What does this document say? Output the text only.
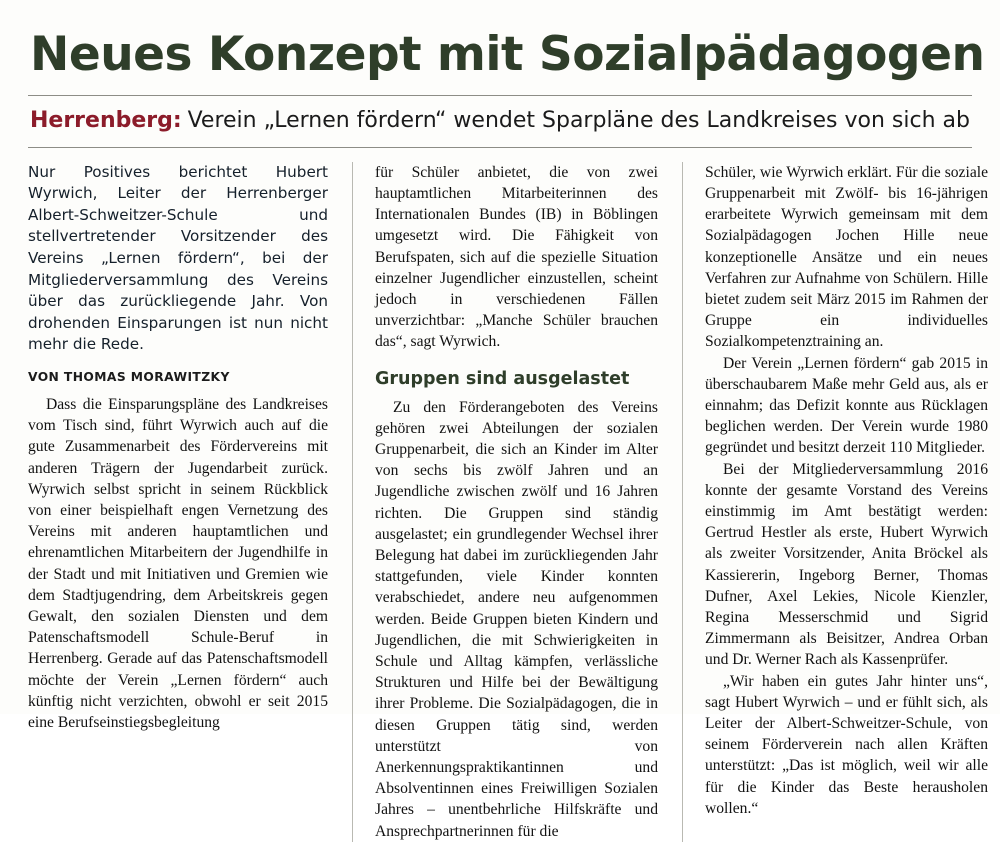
Neues Konzept mit Sozialpädagogen
Herrenberg: Verein „Lernen fördern“ wendet Sparpläne des Landkreises von sich ab

Nur Positives berichtet Hubert Wyrwich, Leiter der Herrenberger Albert-Schweitzer-Schule und stellvertretender Vorsitzender des Vereins „Lernen fördern“, bei der Mitgliederversammlung des Vereins über das zurückliegende Jahr. Von drohenden Einsparungen ist nun nicht mehr die Rede.

VON THOMAS MORAWITZKY

Dass die Einsparungspläne des Landkreises vom Tisch sind, führt Wyrwich auch auf die gute Zusammenarbeit des Fördervereins mit anderen Trägern der Jugendarbeit zurück. Wyrwich selbst spricht in seinem Rückblick von einer beispielhaft engen Vernetzung des Vereins mit anderen hauptamtlichen und ehrenamtlichen Mitarbeitern der Jugendhilfe in der Stadt und mit Initiativen und Gremien wie dem Stadtjugendring, dem Arbeitskreis gegen Gewalt, den sozialen Diensten und dem Patenschaftsmodell Schule-Beruf in Herrenberg. Gerade auf das Patenschaftsmodell möchte der Verein „Lernen fördern“ auch künftig nicht verzichten, obwohl er seit 2015 eine Berufseinstiegsbegleitung

für Schüler anbietet, die von zwei hauptamtlichen Mitarbeiterinnen des Internationalen Bundes (IB) in Böblingen umgesetzt wird. Die Fähigkeit von Berufspaten, sich auf die spezielle Situation einzelner Jugendlicher einzustellen, scheint jedoch in verschiedenen Fällen unverzichtbar: „Manche Schüler brauchen das“, sagt Wyrwich.

Gruppen sind ausgelastet

Zu den Förderangeboten des Vereins gehören zwei Abteilungen der sozialen Gruppenarbeit, die sich an Kinder im Alter von sechs bis zwölf Jahren und an Jugendliche zwischen zwölf und 16 Jahren richten. Die Gruppen sind ständig ausgelastet; ein grundlegender Wechsel ihrer Belegung hat dabei im zurückliegenden Jahr stattgefunden, viele Kinder konnten verabschiedet, andere neu aufgenommen werden. Beide Gruppen bieten Kindern und Jugendlichen, die mit Schwierigkeiten in Schule und Alltag kämpfen, verlässliche Strukturen und Hilfe bei der Bewältigung ihrer Probleme. Die Sozialpädagogen, die in diesen Gruppen tätig sind, werden unterstützt von Anerkennungspraktikantinnen und Absolventinnen eines Freiwilligen Sozialen Jahres – unentbehrliche Hilfskräfte und Ansprechpartnerinnen für die

Schüler, wie Wyrwich erklärt. Für die soziale Gruppenarbeit mit Zwölf- bis 16-jährigen erarbeitete Wyrwich gemeinsam mit dem Sozialpädagogen Jochen Hille neue konzeptionelle Ansätze und ein neues Verfahren zur Aufnahme von Schülern. Hille bietet zudem seit März 2015 im Rahmen der Gruppe ein individuelles Sozialkompetenztraining an.

Der Verein „Lernen fördern“ gab 2015 in überschaubarem Maße mehr Geld aus, als er einnahm; das Defizit konnte aus Rücklagen beglichen werden. Der Verein wurde 1980 gegründet und besitzt derzeit 110 Mitglieder.

Bei der Mitgliederversammlung 2016 konnte der gesamte Vorstand des Vereins einstimmig im Amt bestätigt werden: Gertrud Hestler als erste, Hubert Wyrwich als zweiter Vorsitzender, Anita Bröckel als Kassiererin, Ingeborg Berner, Thomas Dufner, Axel Lekies, Nicole Kienzler, Regina Messerschmid und Sigrid Zimmermann als Beisitzer, Andrea Orban und Dr. Werner Rach als Kassenprüfer.

„Wir haben ein gutes Jahr hinter uns“, sagt Hubert Wyrwich – und er fühlt sich, als Leiter der Albert-Schweitzer-Schule, von seinem Förderverein nach allen Kräften unterstützt: „Das ist möglich, weil wir alle für die Kinder das Beste herausholen wollen.“
